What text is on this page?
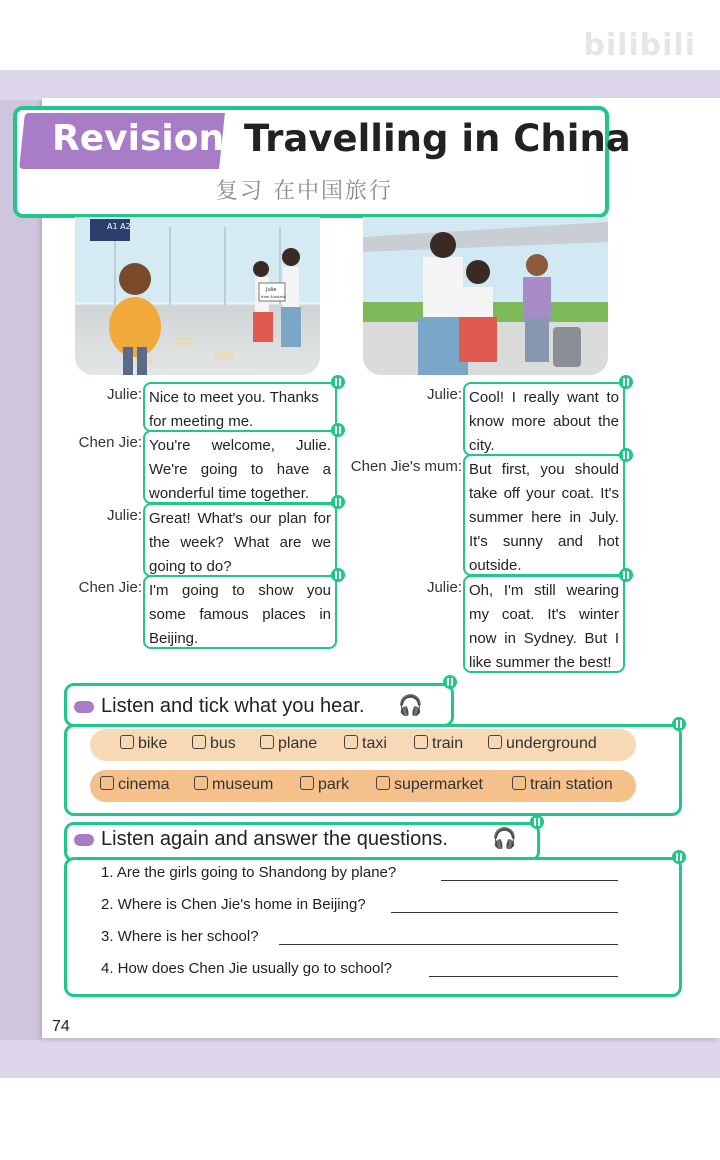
bilibili
Revision Travelling in China
复习 在中国旅行
A1 A2
Julie
from Australia
Julie: Nice to meet you. Thanks for meeting me.
Chen Jie: You're welcome, Julie. We're going to have a wonderful time together.
Julie: Great! What's our plan for the week? What are we going to do?
Chen Jie: I'm going to show you some famous places in Beijing.
Julie: Cool! I really want to know more about the city.
Chen Jie's mum: But first, you should take off your coat. It's summer here in July. It's sunny and hot outside.
Julie: Oh, I'm still wearing my coat. It's winter now in Sydney. But I like summer the best!
Listen and tick what you hear. 🎧
bike	bus	plane	taxi	train	underground
cinema	museum	park	supermarket	train station
Listen again and answer the questions. 🎧
1. Are the girls going to Shandong by plane?
2. Where is Chen Jie's home in Beijing?
3. Where is her school?
4. How does Chen Jie usually go to school?
74
